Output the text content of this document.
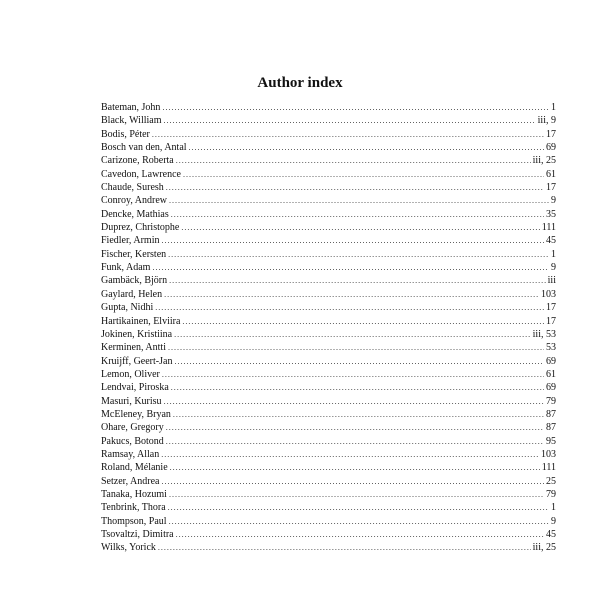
Author index
Bateman, John .....	1
Black, William .....	iii, 9
Bodis, Péter .....	17
Bosch van den, Antal .....	69
Carizone, Roberta .....	iii, 25
Cavedon, Lawrence .....	61
Chaude, Suresh .....	17
Conroy, Andrew .....	9
Dencke, Mathias .....	35
Duprez, Christophe .....	111
Fiedler, Armin .....	45
Fischer, Kersten .....	1
Funk, Adam .....	9
Gambäck, Björn .....	iii
Gaylard, Helen .....	103
Gupta, Nidhi .....	17
Hartikainen, Elviira .....	17
Jokinen, Kristiina .....	iii, 53
Kerminen, Antti .....	53
Kruijff, Geert-Jan .....	69
Lemon, Oliver .....	61
Lendvai, Piroska .....	69
Masuri, Kurisu .....	79
McEleney, Bryan .....	87
Ohare, Gregory .....	87
Pakucs, Botond .....	95
Ramsay, Allan .....	103
Roland, Mélanie .....	111
Setzer, Andrea .....	25
Tanaka, Hozumi .....	79
Tenbrink, Thora .....	1
Thompson, Paul .....	9
Tsovaltzi, Dimitra .....	45
Wilks, Yorick .....	iii, 25
